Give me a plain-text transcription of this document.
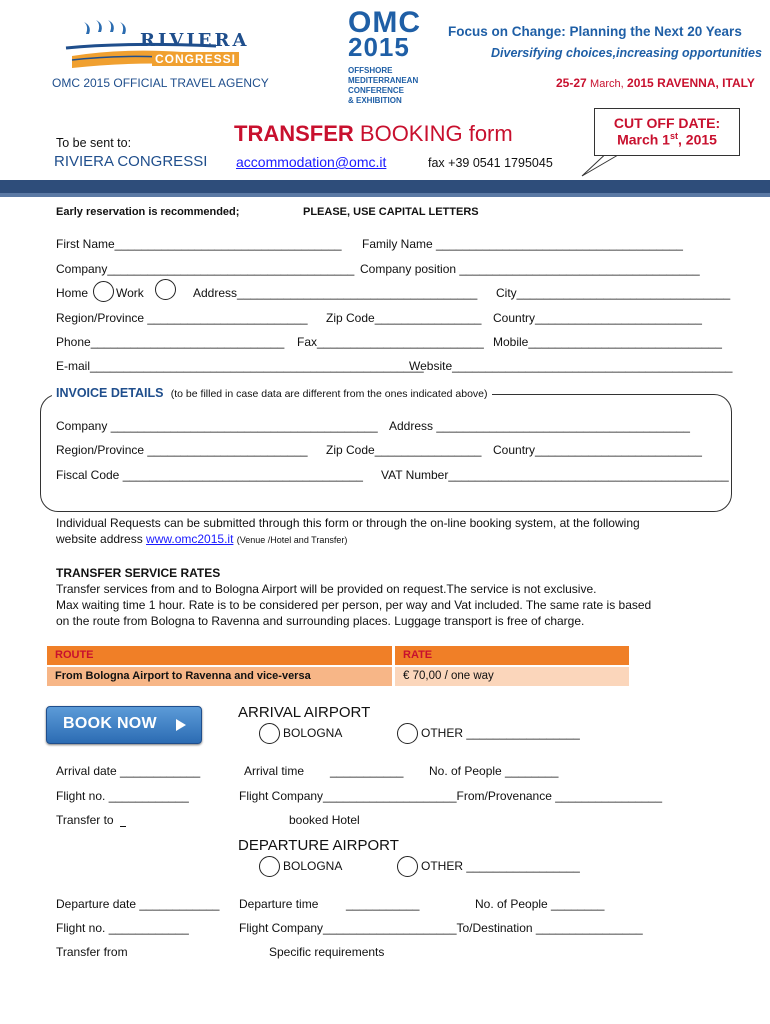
RIVIERA
CONGRESSI
OMC 2015 OFFICIAL TRAVEL AGENCY
OMC
2015
OFFSHORE
MEDITERRANEAN
CONFERENCE
& EXHIBITION
Focus on Change: Planning the Next 20 Years
Diversifying choices,increasing opportunities
25-27 March, 2015 RAVENNA, ITALY
To be sent to:
RIVIERA CONGRESSI
TRANSFER BOOKING form
accommodation@omc.it	fax +39 0541 1795045
CUT OFF DATE:
March 1st, 2015
Early reservation is recommended;	PLEASE, USE CAPITAL LETTERS
First Name__________________________________ Family Name _____________________________________
Company_____________________________________ Company position ____________________________________
Home Work	Address____________________________________ City________________________________
Region/Province ________________________ Zip Code________________ Country_________________________
Phone_____________________________ Fax_________________________ Mobile_____________________________
E-mail__________________________________________________
Website__________________________________________
INVOICE DETAILS (to be filled in case data are different from the ones indicated above)
Company ________________________________________ Address ______________________________________
Region/Province ________________________ Zip Code________________ Country_________________________
Fiscal Code ____________________________________ VAT Number__________________________________________
Individual Requests can be submitted through this form or through the on-line booking system, at the following
website address www.omc2015.it (Venue /Hotel and Transfer)
TRANSFER SERVICE RATES
Transfer services from and to Bologna Airport will be provided on request.The service is not exclusive.
Max waiting time 1 hour. Rate is to be considered per person, per way and Vat included. The same rate is based
on the route from Bologna to Ravenna and surrounding places. Luggage transport is free of charge.
ROUTE	RATE
From Bologna Airport to Ravenna and vice-versa	€ 70,00 / one way
BOOK NOW
ARRIVAL AIRPORT
BOLOGNA	OTHER _________________
Arrival date ____________	Arrival time ___________ No. of People ________
Flight no. ____________	Flight Company____________________From/Provenance ________________
Transfer to	booked Hotel
DEPARTURE AIRPORT
BOLOGNA	OTHER _________________
Departure date ____________ Departure time ___________	No. of People ________
Flight no. ____________	Flight Company____________________To/Destination ________________
Transfer from	Specific requirements
